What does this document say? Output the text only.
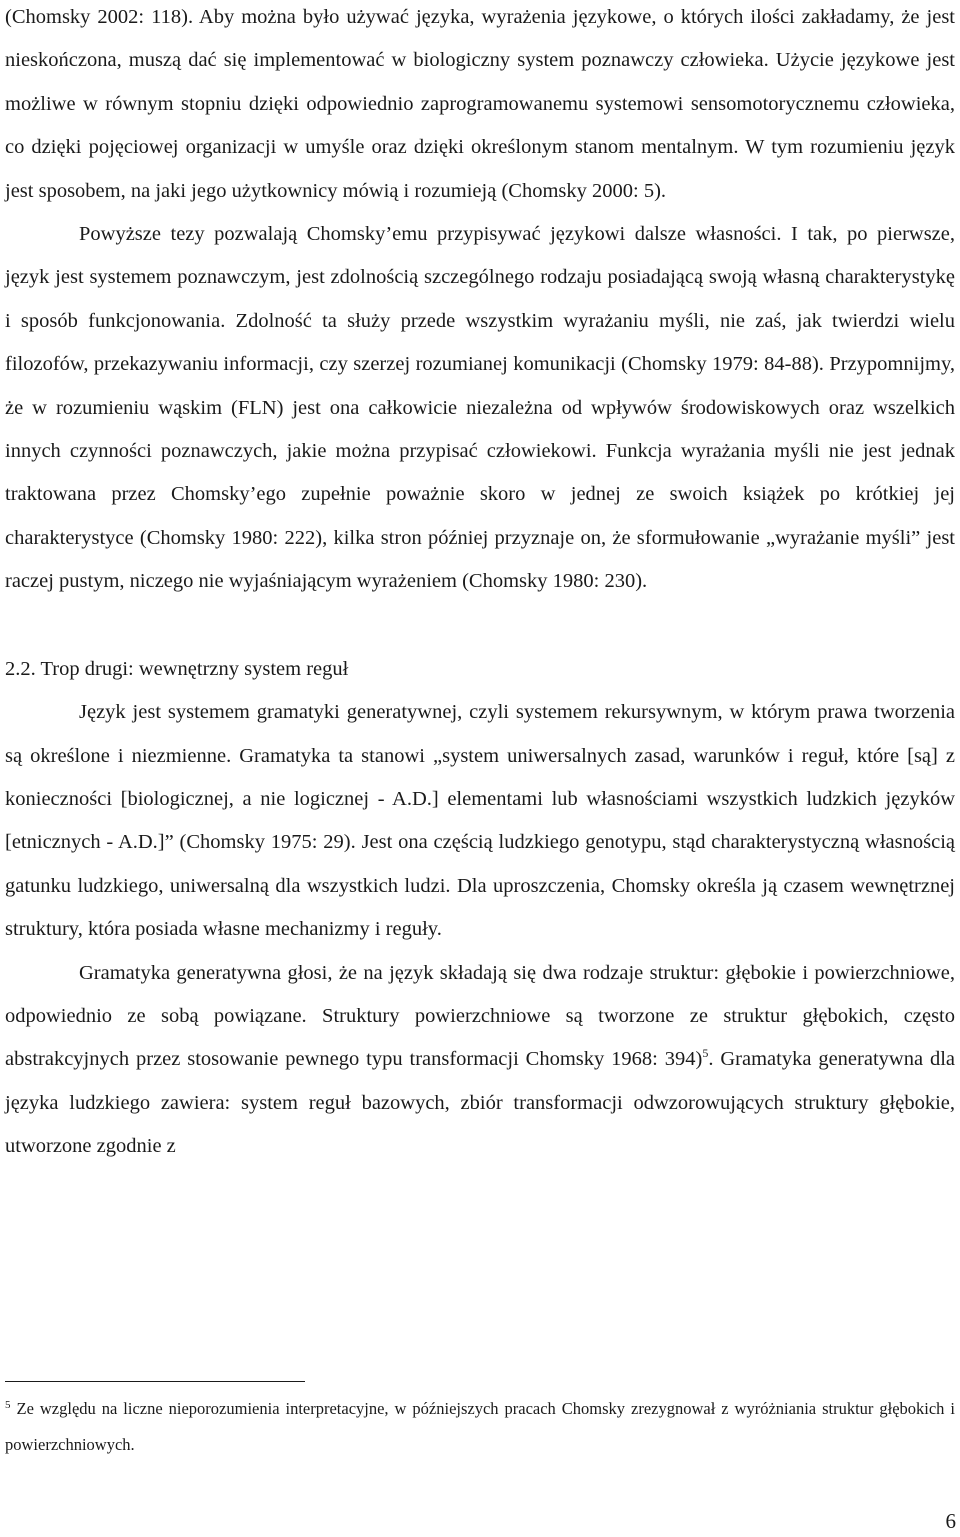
(Chomsky 2002: 118). Aby można było używać języka, wyrażenia językowe, o których ilości zakładamy, że jest nieskończona, muszą dać się implementować w biologiczny system poznawczy człowieka. Użycie językowe jest możliwe w równym stopniu dzięki odpowiednio zaprogramowanemu systemowi sensomotorycznemu człowieka, co dzięki pojęciowej organizacji w umyśle oraz dzięki określonym stanom mentalnym. W tym rozumieniu język jest sposobem, na jaki jego użytkownicy mówią i rozumieją (Chomsky 2000: 5).

Powyższe tezy pozwalają Chomsky’emu przypisywać językowi dalsze własności. I tak, po pierwsze, język jest systemem poznawczym, jest zdolnością szczególnego rodzaju posiadającą swoją własną charakterystykę i sposób funkcjonowania. Zdolność ta służy przede wszystkim wyrażaniu myśli, nie zaś, jak twierdzi wielu filozofów, przekazywaniu informacji, czy szerzej rozumianej komunikacji (Chomsky 1979: 84-88). Przypomnijmy, że w rozumieniu wąskim (FLN) jest ona całkowicie niezależna od wpływów środowiskowych oraz wszelkich innych czynności poznawczych, jakie można przypisać człowiekowi. Funkcja wyrażania myśli nie jest jednak traktowana przez Chomsky’ego zupełnie poważnie skoro w jednej ze swoich książek po krótkiej jej charakterystyce (Chomsky 1980: 222), kilka stron później przyznaje on, że sformułowanie „wyrażanie myśli” jest raczej pustym, niczego nie wyjaśniającym wyrażeniem (Chomsky 1980: 230).

2.2. Trop drugi: wewnętrzny system reguł

Język jest systemem gramatyki generatywnej, czyli systemem rekursywnym, w którym prawa tworzenia są określone i niezmienne. Gramatyka ta stanowi „system uniwersalnych zasad, warunków i reguł, które [są] z konieczności [biologicznej, a nie logicznej - A.D.] elementami lub własnościami wszystkich ludzkich języków [etnicznych - A.D.]” (Chomsky 1975: 29). Jest ona częścią ludzkiego genotypu, stąd charakterystyczną własnością gatunku ludzkiego, uniwersalną dla wszystkich ludzi. Dla uproszczenia, Chomsky określa ją czasem wewnętrznej struktury, która posiada własne mechanizmy i reguły.

Gramatyka generatywna głosi, że na język składają się dwa rodzaje struktur: głębokie i powierzchniowe, odpowiednio ze sobą powiązane. Struktury powierzchniowe są tworzone ze struktur głębokich, często abstrakcyjnych przez stosowanie pewnego typu transformacji Chomsky 1968: 394)$^5$. Gramatyka generatywna dla języka ludzkiego zawiera: system reguł bazowych, zbiór transformacji odwzorowujących struktury głębokie, utworzone zgodnie z

$^5$ Ze względu na liczne nieporozumienia interpretacyjne, w późniejszych pracach Chomsky zrezygnował z wyróżniania struktur głębokich i powierzchniowych.
6
